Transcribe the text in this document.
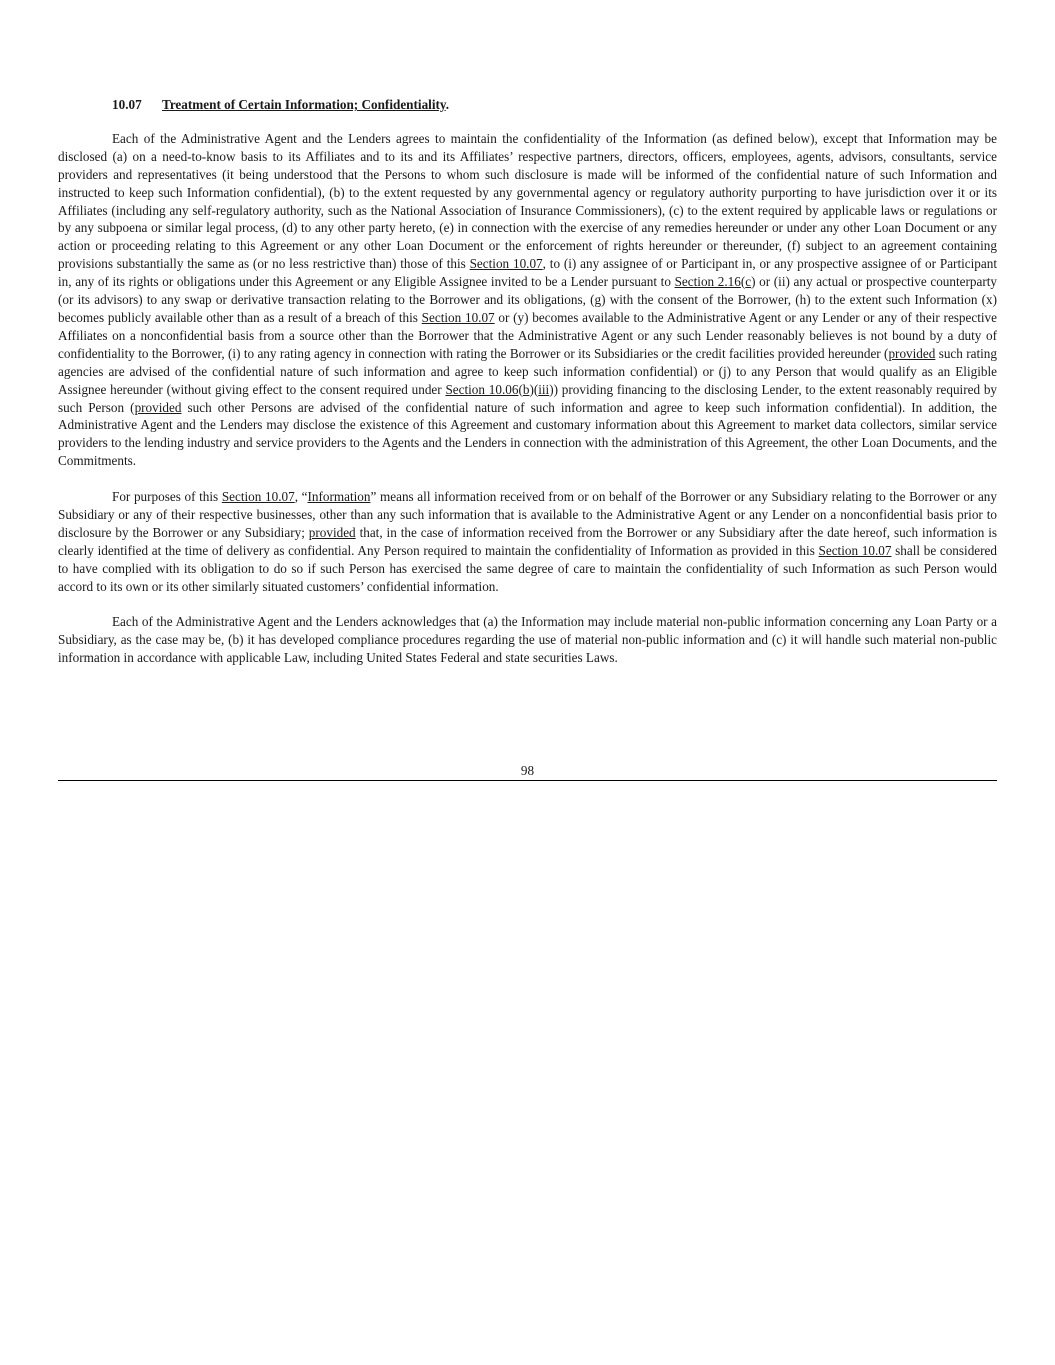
10.07 Treatment of Certain Information; Confidentiality.

Each of the Administrative Agent and the Lenders agrees to maintain the confidentiality of the Information (as defined below), except that Information may be disclosed (a) on a need-to-know basis to its Affiliates and to its and its Affiliates’ respective partners, directors, officers, employees, agents, advisors, consultants, service providers and representatives (it being understood that the Persons to whom such disclosure is made will be informed of the confidential nature of such Information and instructed to keep such Information confidential), (b) to the extent requested by any governmental agency or regulatory authority purporting to have jurisdiction over it or its Affiliates (including any self-regulatory authority, such as the National Association of Insurance Commissioners), (c) to the extent required by applicable laws or regulations or by any subpoena or similar legal process, (d) to any other party hereto, (e) in connection with the exercise of any remedies hereunder or under any other Loan Document or any action or proceeding relating to this Agreement or any other Loan Document or the enforcement of rights hereunder or thereunder, (f) subject to an agreement containing provisions substantially the same as (or no less restrictive than) those of this Section 10.07, to (i) any assignee of or Participant in, or any prospective assignee of or Participant in, any of its rights or obligations under this Agreement or any Eligible Assignee invited to be a Lender pursuant to Section 2.16(c) or (ii) any actual or prospective counterparty (or its advisors) to any swap or derivative transaction relating to the Borrower and its obligations, (g) with the consent of the Borrower, (h) to the extent such Information (x) becomes publicly available other than as a result of a breach of this Section 10.07 or (y) becomes available to the Administrative Agent or any Lender or any of their respective Affiliates on a nonconfidential basis from a source other than the Borrower that the Administrative Agent or any such Lender reasonably believes is not bound by a duty of confidentiality to the Borrower, (i) to any rating agency in connection with rating the Borrower or its Subsidiaries or the credit facilities provided hereunder (provided such rating agencies are advised of the confidential nature of such information and agree to keep such information confidential) or (j) to any Person that would qualify as an Eligible Assignee hereunder (without giving effect to the consent required under Section 10.06(b)(iii)) providing financing to the disclosing Lender, to the extent reasonably required by such Person (provided such other Persons are advised of the confidential nature of such information and agree to keep such information confidential). In addition, the Administrative Agent and the Lenders may disclose the existence of this Agreement and customary information about this Agreement to market data collectors, similar service providers to the lending industry and service providers to the Agents and the Lenders in connection with the administration of this Agreement, the other Loan Documents, and the Commitments.

For purposes of this Section 10.07, “Information” means all information received from or on behalf of the Borrower or any Subsidiary relating to the Borrower or any Subsidiary or any of their respective businesses, other than any such information that is available to the Administrative Agent or any Lender on a nonconfidential basis prior to disclosure by the Borrower or any Subsidiary; provided that, in the case of information received from the Borrower or any Subsidiary after the date hereof, such information is clearly identified at the time of delivery as confidential. Any Person required to maintain the confidentiality of Information as provided in this Section 10.07 shall be considered to have complied with its obligation to do so if such Person has exercised the same degree of care to maintain the confidentiality of such Information as such Person would accord to its own or its other similarly situated customers’ confidential information.

Each of the Administrative Agent and the Lenders acknowledges that (a) the Information may include material non-public information concerning any Loan Party or a Subsidiary, as the case may be, (b) it has developed compliance procedures regarding the use of material non-public information and (c) it will handle such material non-public information in accordance with applicable Law, including United States Federal and state securities Laws.

98
